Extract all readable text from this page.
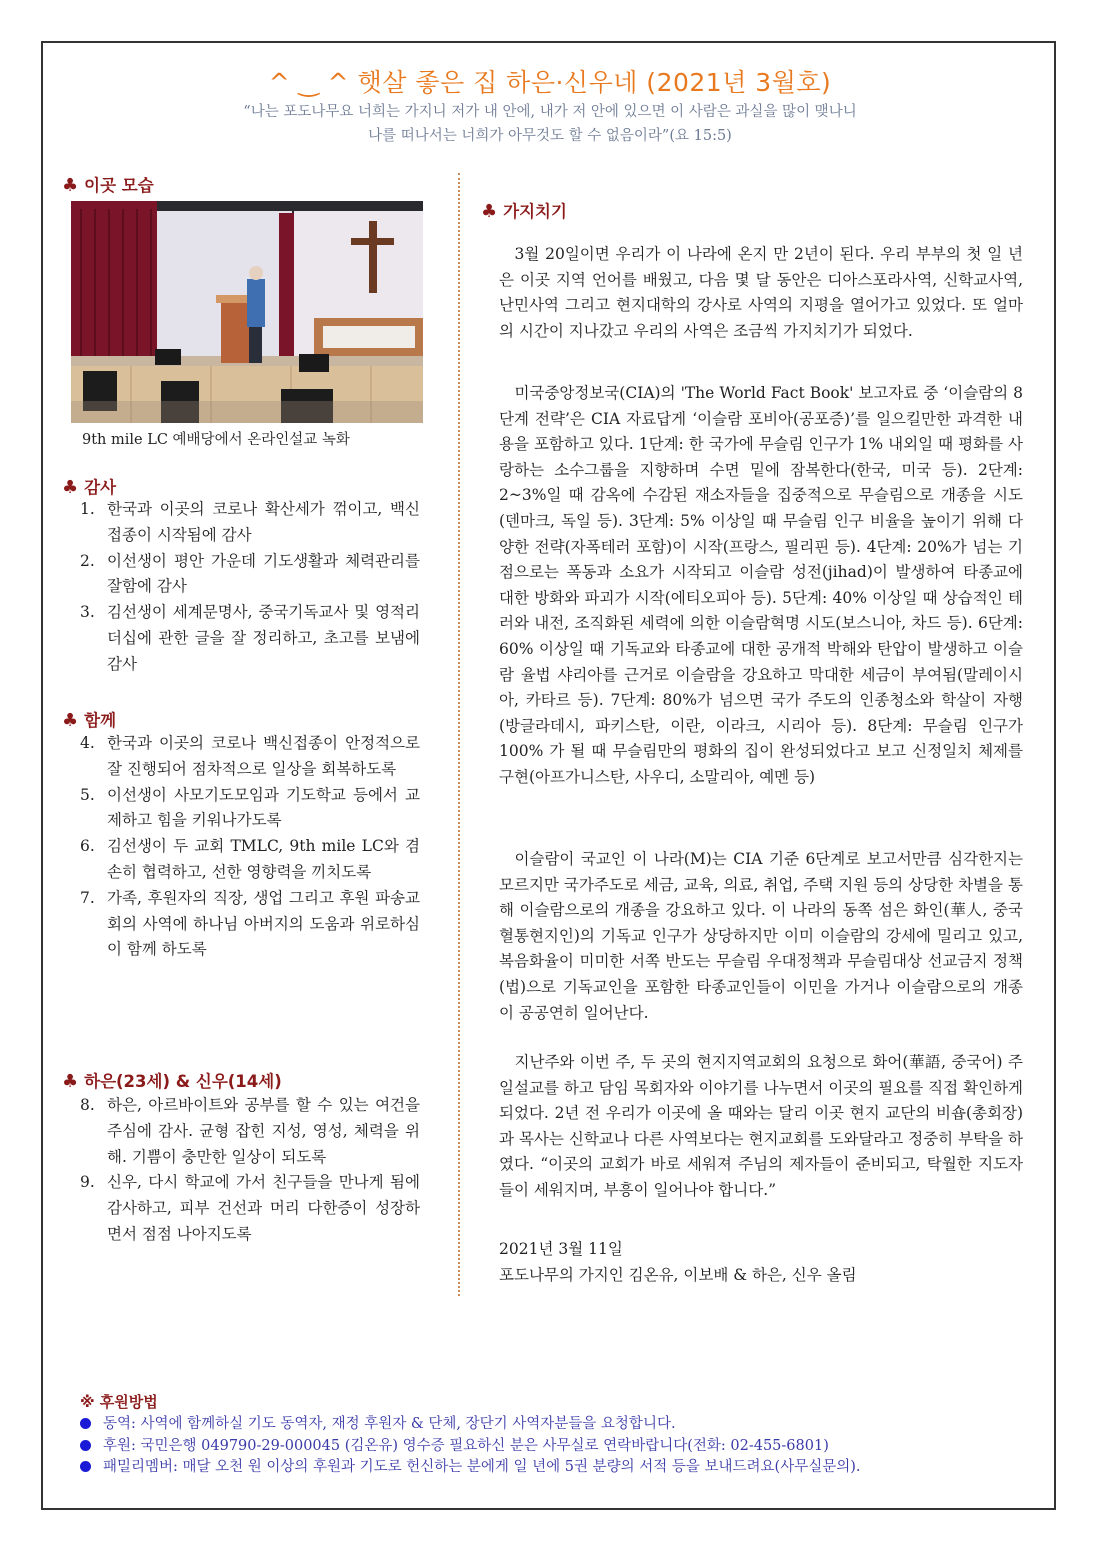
^ ‿ ^ 햇살 좋은 집 하은·신우네 (2021년 3월호)
“나는 포도나무요 너희는 가지니 저가 내 안에, 내가 저 안에 있으면 이 사람은 과실을 많이 맺나니
나를 떠나서는 너희가 아무것도 할 수 없음이라”(요 15:5)
♣ 이곳 모습
9th mile LC 예배당에서 온라인설교 녹화
♣ 감사
1. 한국과 이곳의 코로나 확산세가 꺾이고, 백신접종이 시작됨에 감사
2. 이선생이 평안 가운데 기도생활과 체력관리를 잘함에 감사
3. 김선생이 세계문명사, 중국기독교사 및 영적리더십에 관한 글을 잘 정리하고, 초고를 보냄에 감사
♣ 함께
4. 한국과 이곳의 코로나 백신접종이 안정적으로 잘 진행되어 점차적으로 일상을 회복하도록
5. 이선생이 사모기도모임과 기도학교 등에서 교제하고 힘을 키워나가도록
6. 김선생이 두 교회 TMLC, 9th mile LC와 겸손히 협력하고, 선한 영향력을 끼치도록
7. 가족, 후원자의 직장, 생업 그리고 후원 파송교회의 사역에 하나님 아버지의 도움과 위로하심이 함께 하도록
♣ 하은(23세) & 신우(14세)
8. 하은, 아르바이트와 공부를 할 수 있는 여건을 주심에 감사. 균형 잡힌 지성, 영성, 체력을 위해. 기쁨이 충만한 일상이 되도록
9. 신우, 다시 학교에 가서 친구들을 만나게 됨에 감사하고, 피부 건선과 머리 다한증이 성장하면서 점점 나아지도록
♣ 가지치기

3월 20일이면 우리가 이 나라에 온지 만 2년이 된다. 우리 부부의 첫 일 년은 이곳 지역 언어를 배웠고, 다음 몇 달 동안은 디아스포라사역, 신학교사역, 난민사역 그리고 현지대학의 강사로 사역의 지평을 열어가고 있었다. 또 얼마의 시간이 지나갔고 우리의 사역은 조금씩 가지치기가 되었다.

미국중앙정보국(CIA)의 'The World Fact Book' 보고자료 중 ‘이슬람의 8단계 전략’은 CIA 자료답게 ‘이슬람 포비아(공포증)’를 일으킬만한 과격한 내용을 포함하고 있다. 1단계: 한 국가에 무슬림 인구가 1% 내외일 때 평화를 사랑하는 소수그룹을 지향하며 수면 밑에 잠복한다(한국, 미국 등). 2단계: 2~3%일 때 감옥에 수감된 재소자들을 집중적으로 무슬림으로 개종을 시도(덴마크, 독일 등). 3단계: 5% 이상일 때 무슬림 인구 비율을 높이기 위해 다양한 전략(자폭테러 포함)이 시작(프랑스, 필리핀 등). 4단계: 20%가 넘는 기점으로는 폭동과 소요가 시작되고 이슬람 성전(jihad)이 발생하여 타종교에 대한 방화와 파괴가 시작(에티오피아 등). 5단계: 40% 이상일 때 상습적인 테러와 내전, 조직화된 세력에 의한 이슬람혁명 시도(보스니아, 차드 등). 6단계: 60% 이상일 때 기독교와 타종교에 대한 공개적 박해와 탄압이 발생하고 이슬람 율법 샤리아를 근거로 이슬람을 강요하고 막대한 세금이 부여됨(말레이시아, 카타르 등). 7단계: 80%가 넘으면 국가 주도의 인종청소와 학살이 자행(방글라데시, 파키스탄, 이란, 이라크, 시리아 등). 8단계: 무슬림 인구가 100% 가 될 때 무슬림만의 평화의 집이 완성되었다고 보고 신정일치 체제를 구현(아프가니스탄, 사우디, 소말리아, 예멘 등)

이슬람이 국교인 이 나라(M)는 CIA 기준 6단계로 보고서만큼 심각한지는 모르지만 국가주도로 세금, 교육, 의료, 취업, 주택 지원 등의 상당한 차별을 통해 이슬람으로의 개종을 강요하고 있다. 이 나라의 동쪽 섬은 화인(華人, 중국혈통현지인)의 기독교 인구가 상당하지만 이미 이슬람의 강세에 밀리고 있고, 복음화율이 미미한 서쪽 반도는 무슬림 우대정책과 무슬림대상 선교금지 정책(법)으로 기독교인을 포함한 타종교인들이 이민을 가거나 이슬람으로의 개종이 공공연히 일어난다.

지난주와 이번 주, 두 곳의 현지지역교회의 요청으로 화어(華語, 중국어) 주일설교를 하고 담임 목회자와 이야기를 나누면서 이곳의 필요를 직접 확인하게 되었다. 2년 전 우리가 이곳에 올 때와는 달리 이곳 현지 교단의 비숍(총회장)과 목사는 신학교나 다른 사역보다는 현지교회를 도와달라고 정중히 부탁을 하였다. “이곳의 교회가 바로 세워져 주님의 제자들이 준비되고, 탁월한 지도자들이 세워지며, 부흥이 일어나야 합니다.”

2021년 3월 11일
포도나무의 가지인 김온유, 이보배 & 하은, 신우 올림
※ 후원방법
동역: 사역에 함께하실 기도 동역자, 재정 후원자 & 단체, 장단기 사역자분들을 요청합니다.
후원: 국민은행 049790-29-000045 (김온유) 영수증 필요하신 분은 사무실로 연락바랍니다(전화: 02-455-6801)
패밀리멤버: 매달 오천 원 이상의 후원과 기도로 헌신하는 분에게 일 년에 5권 분량의 서적 등을 보내드려요(사무실문의).
